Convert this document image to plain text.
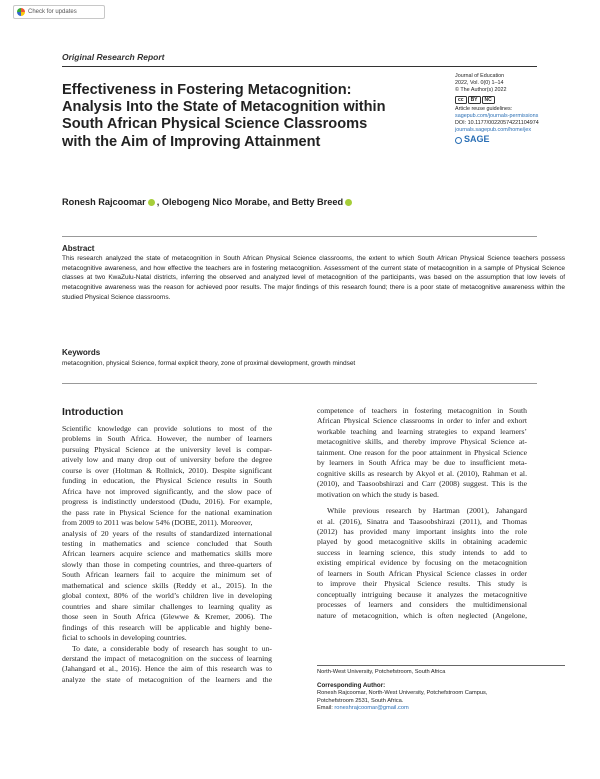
Check for updates
Original Research Report
Effectiveness in Fostering Metacognition:
Analysis Into the State of Metacognition within
South African Physical Science Classrooms
with the Aim of Improving Attainment
Journal of Education
2022, Vol. 0(0) 1–14
© The Author(s) 2022
cc	BY	NC
Article reuse guidelines:
sagepub.com/journals-permissions
DOI: 10.1177/00220574221104974
journals.sagepub.com/home/jex
SAGE
Ronesh Rajcoomar , Olebogeng Nico Morabe, and Betty Breed
Abstract
This research analyzed the state of metacognition in South African Physical Science classrooms, the extent to which South African Physical Science teachers possess metacognitive awareness, and how effective the teachers are in fostering metacognition. Assessment of the current state of metacognition in a sample of Physical Science classes at two KwaZulu-Natal districts, inferring the observed and analyzed level of metacognition of the participants, was based on the assumption that low levels of metacognitive awareness was the reason for achieved poor results. The major findings of this research found; there is a poor state of metacognitive awareness within the studied Physical Science classrooms.
Keywords
metacognition, physical Science, formal explicit theory, zone of proximal development, growth mindset
Introduction
Scientific knowledge can provide solutions to most of the
problems in South Africa. However, the number of learners
pursuing Physical Science at the university level is compar-
atively low and many drop out of university before the degree
course is over (Holtman & Rollnick, 2010). Despite significant
funding in education, the Physical Science results in South
Africa have not improved significantly, and the slow pace of
progress is indistinctly understood (Dudu, 2016). For example,
the pass rate in Physical Science for the national examination
from 2009 to 2011 was below 54% (DOBE, 2011). Moreover,
analysis of 20 years of the results of standardized international
testing in mathematics and science concluded that South
African learners acquire science and mathematics skills more
slowly than those in competing countries, and three-quarters of
South African learners fail to acquire the minimum set of
mathematical and science skills (Reddy et al., 2015). In the
global context, 80% of the world’s children live in developing
countries and share similar challenges to learning quality as
those seen in South Africa (Glewwe & Kremer, 2006). The
findings of this research will be applicable and highly bene-
ficial to schools in developing countries.
To date, a considerable body of research has sought to un-
derstand the impact of metacognition on the success of learning
(Jahangard et al., 2016). Hence the aim of this research was to
analyze the state of metacognition of the learners and the
competence of teachers in fostering metacognition in South
African Physical Science classrooms in order to infer and exhort
workable teaching and learning strategies to expand learners’
metacognitive skills, and thereby improve Physical Science at-
tainment. One reason for the poor attainment in Physical Science
by learners in South Africa may be due to insufficient meta-
cognitive skills as research by Akyol et al. (2010), Rahman et al.
(2010), and Taasoobshirazi and Carr (2008) suggest. This is the
motivation on which the study is based.
While previous research by Hartman (2001), Jahangard
et al. (2016), Sinatra and Taasoobshirazi (2011), and Thomas
(2012) has provided many important insights into the role
played by good metacognitive skills in obtaining academic
success in learning science, this study intends to add to
existing empirical evidence by focusing on the metacognition
of learners in South African Physical Science classes in order
to improve their Physical Science results. This study is
conceptually intriguing because it analyzes the metacognitive
processes of learners and considers the multidimensional
nature of metacognition, which is often neglected (Angelone,
North-West University, Potchefstroom, South Africa
Corresponding Author:
Ronesh Rajcoomar, North-West University, Potchefstroom Campus,
Potchefstroom 2531, South Africa.
Email: roneshrajcoomar@gmail.com
